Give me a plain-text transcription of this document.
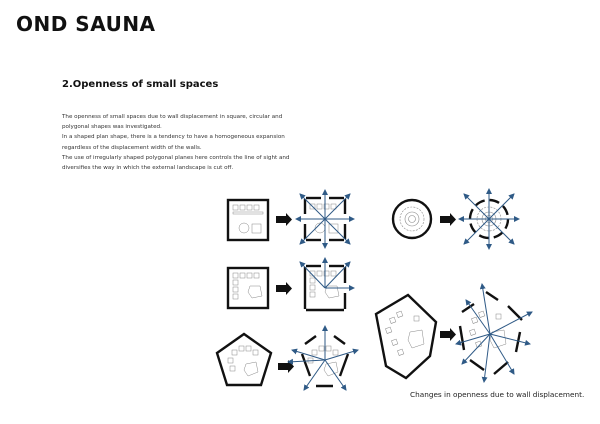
OND SAUNA
2.Openness of small spaces

The openness of small spaces due to wall displacement in square, circular and polygonal shapes was investigated.

In a shaped plan shape, there is a tendency to have a homogeneous expansion regardless of the displacement width of the walls.

The use of irregularly shaped polygonal planes here controls the line of sight and diversifies the way in which the external landscape is cut off.

Changes in openness due to wall displacement.
